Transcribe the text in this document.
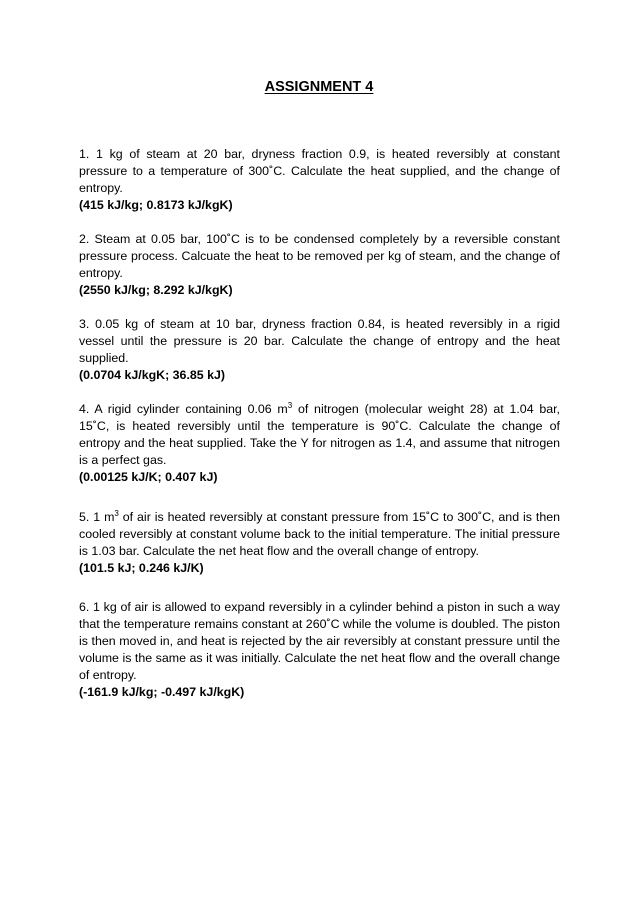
ASSIGNMENT 4

1. 1 kg of steam at 20 bar, dryness fraction 0.9, is heated reversibly at constant pressure to a temperature of 300˚C. Calculate the heat supplied, and the change of entropy.

(415 kJ/kg; 0.8173 kJ/kgK)

2. Steam at 0.05 bar, 100˚C is to be condensed completely by a reversible constant pressure process. Calcuate the heat to be removed per kg of steam, and the change of entropy.

(2550 kJ/kg; 8.292 kJ/kgK)

3. 0.05 kg of steam at 10 bar, dryness fraction 0.84, is heated reversibly in a rigid vessel until the pressure is 20 bar. Calculate the change of entropy and the heat supplied.

(0.0704 kJ/kgK; 36.85 kJ)

4. A rigid cylinder containing 0.06 $m^3$ of nitrogen (molecular weight 28) at 1.04 bar, 15˚C, is heated reversibly until the temperature is 90˚C. Calculate the change of entropy and the heat supplied. Take the Υ for nitrogen as 1.4, and assume that nitrogen is a perfect gas.

(0.00125 kJ/K; 0.407 kJ)

5. 1 $m^3$ of air is heated reversibly at constant pressure from 15˚C to 300˚C, and is then cooled reversibly at constant volume back to the initial temperature. The initial pressure is 1.03 bar. Calculate the net heat flow and the overall change of entropy.

(101.5 kJ; 0.246 kJ/K)

6. 1 kg of air is allowed to expand reversibly in a cylinder behind a piston in such a way that the temperature remains constant at 260˚C while the volume is doubled. The piston is then moved in, and heat is rejected by the air reversibly at constant pressure until the volume is the same as it was initially. Calculate the net heat flow and the overall change of entropy.

(-161.9 kJ/kg; -0.497 kJ/kgK)
